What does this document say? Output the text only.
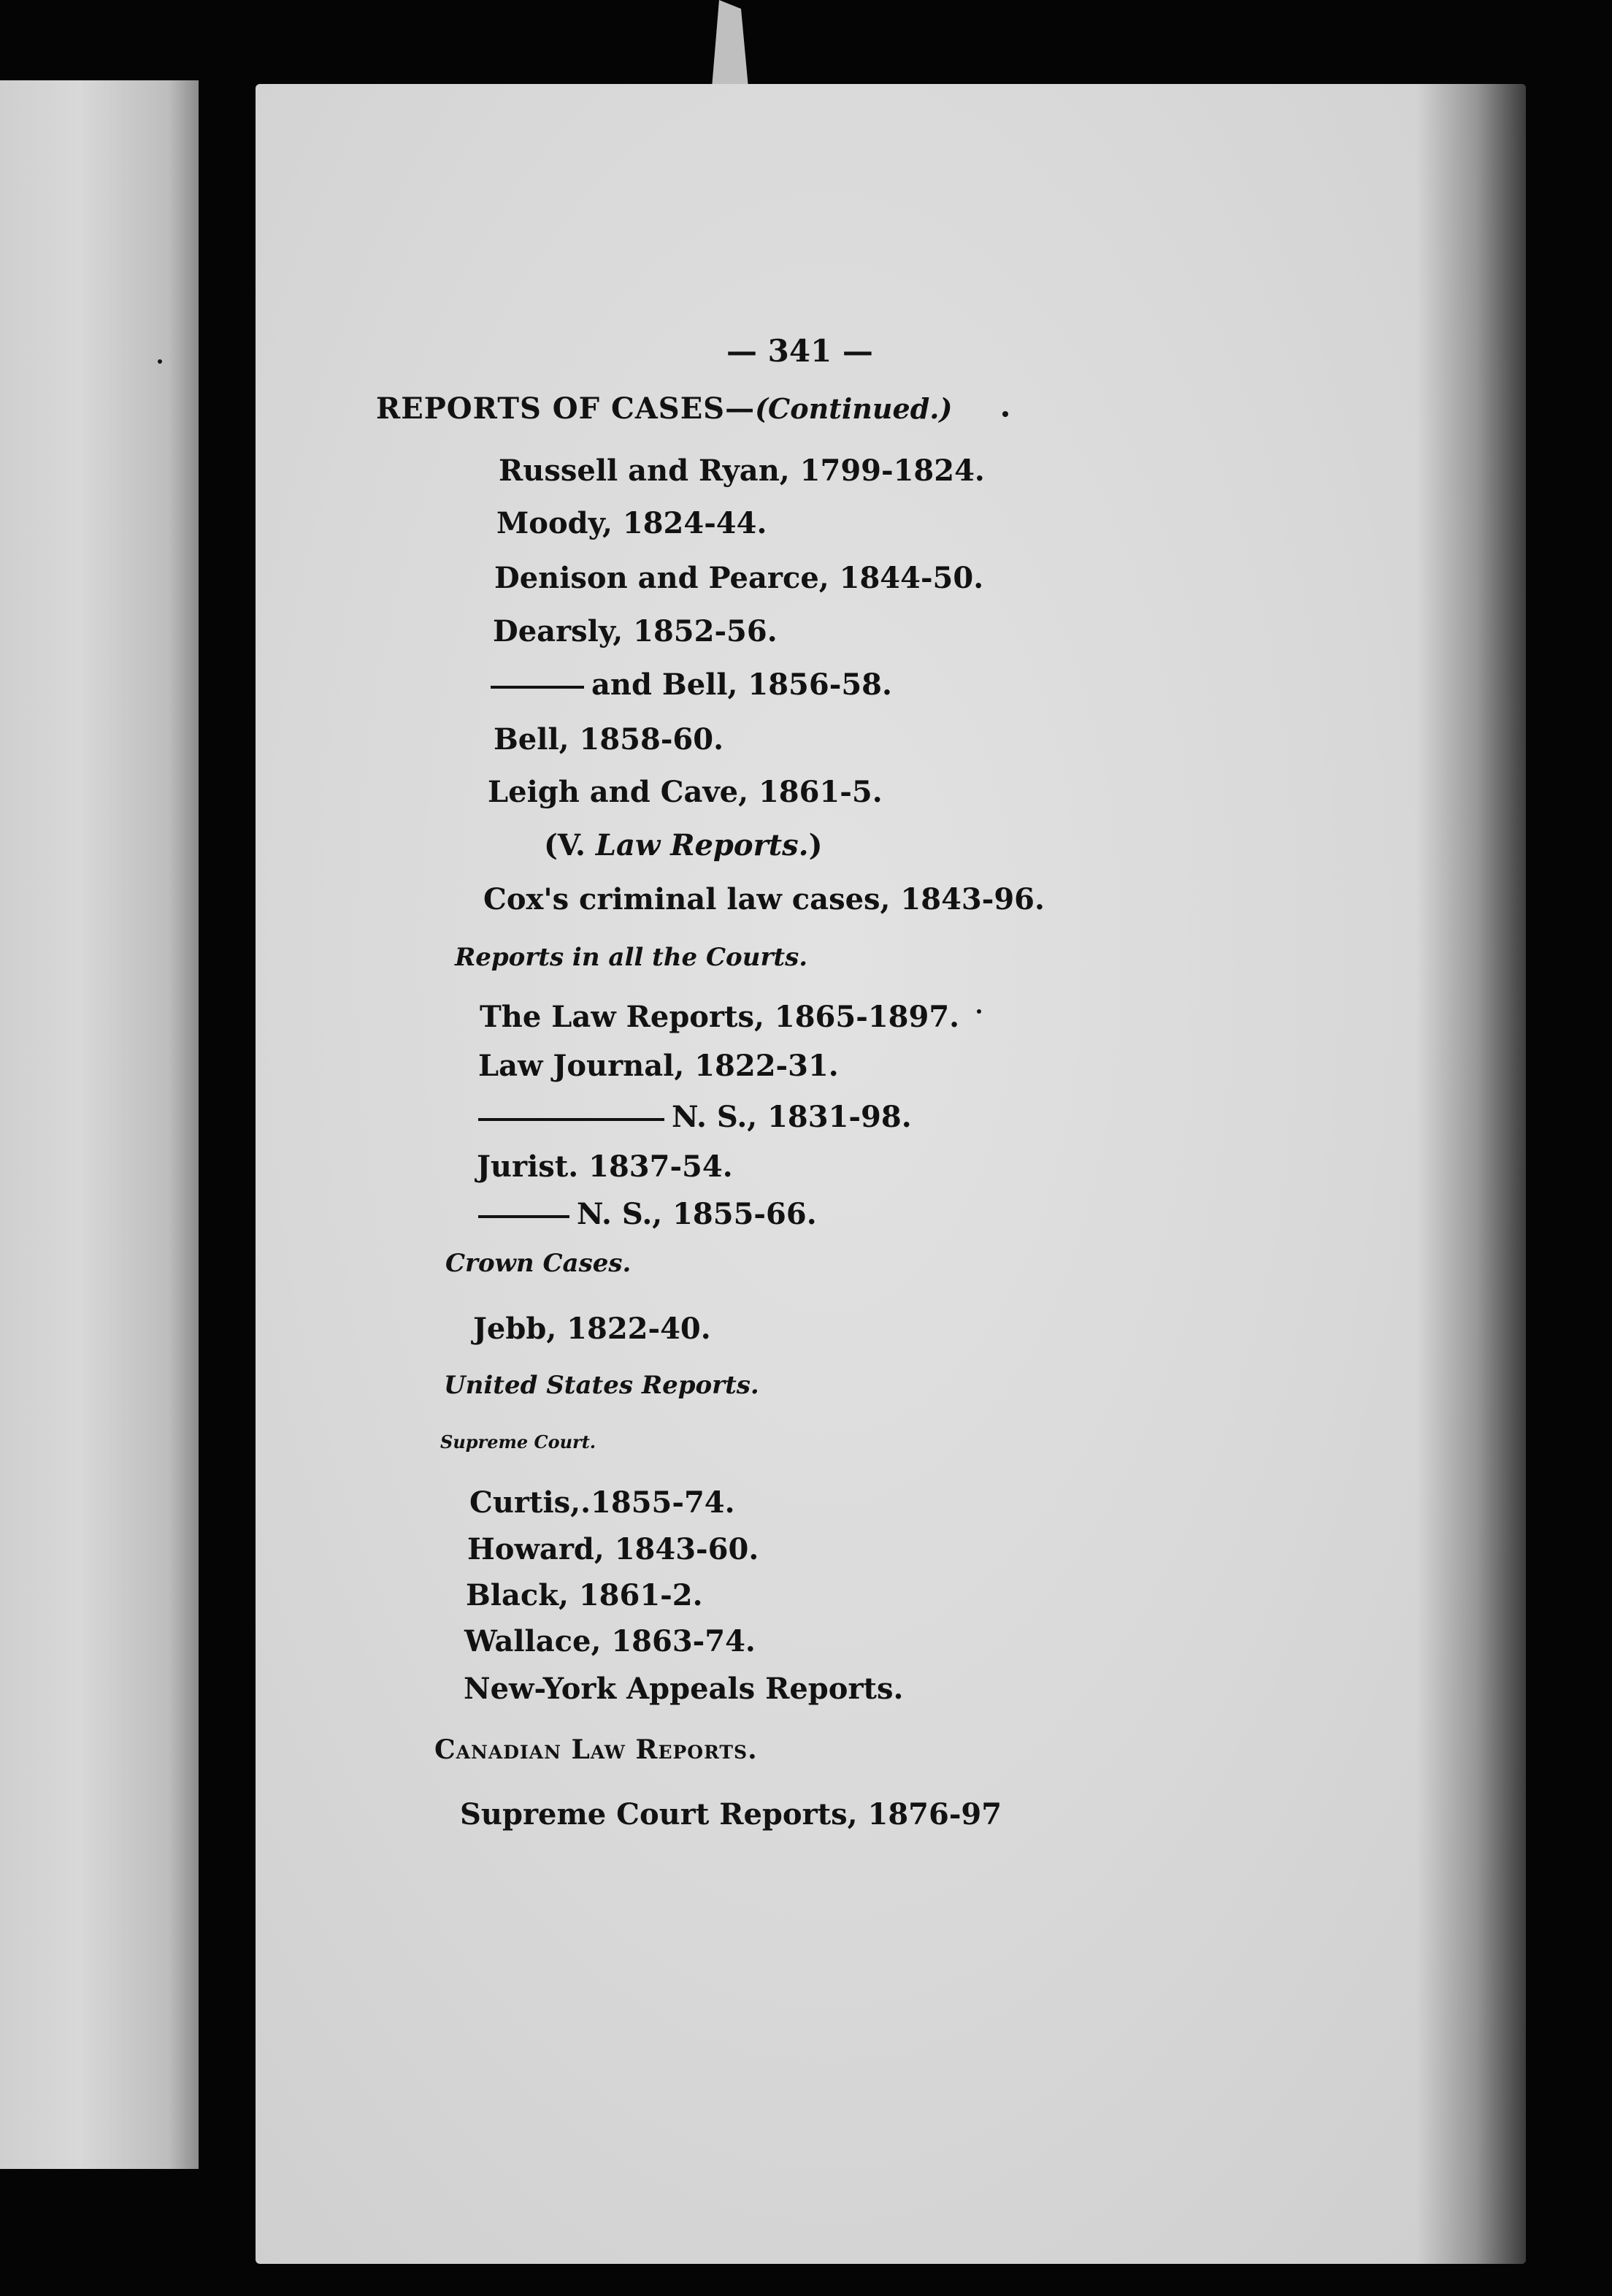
— 341 —
REPORTS OF CASES—(Continued.)
Russell and Ryan, 1799-1824.
Moody, 1824-44.
Denison and Pearce, 1844-50.
Dearsly, 1852-56.
and Bell, 1856-58.
Bell, 1858-60.
Leigh and Cave, 1861-5.
(V. Law Reports.)
Cox's criminal law cases, 1843-96.
Reports in all the Courts.
The Law Reports, 1865-1897.
Law Journal, 1822-31.
N. S., 1831-98.
Jurist. 1837-54.
N. S., 1855-66.
Crown Cases.
Jebb, 1822-40.
United States Reports.
Supreme Court.
Curtis,.1855-74.
Howard, 1843-60.
Black, 1861-2.
Wallace, 1863-74.
New-York Appeals Reports.
Canadian Law Reports.
Supreme Court Reports, 1876-97
